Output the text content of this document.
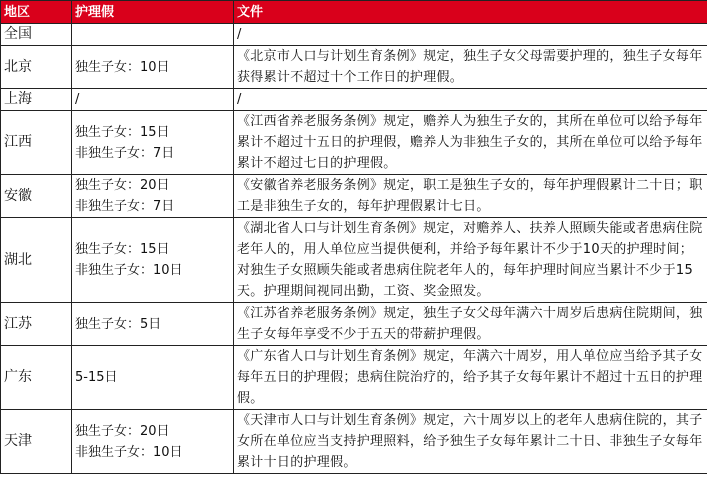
地区	护理假	文件
全国		/
北京	独生子女：10日	《北京市人口与计划生育条例》规定，独生子女父母需要护理的，独生子女每年获得累计不超过十个工作日的护理假。
上海	/	/
江西	独生子女：15日
非独生子女：7日	《江西省养老服务条例》规定，赡养人为独生子女的，其所在单位可以给予每年累计不超过十五日的护理假，赡养人为非独生子女的，其所在单位可以给予每年累计不超过七日的护理假。
安徽	独生子女：20日
非独生子女：7日	《安徽省养老服务条例》规定，职工是独生子女的，每年护理假累计二十日；职工是非独生子女的，每年护理假累计七日。
湖北	独生子女：15日
非独生子女：10日	《湖北省人口与计划生育条例》规定，对赡养人、扶养人照顾失能或者患病住院老年人的，用人单位应当提供便利，并给予每年累计不少于10天的护理时间；对独生子女照顾失能或者患病住院老年人的，每年护理时间应当累计不少于15天。护理期间视同出勤，工资、奖金照发。
江苏	独生子女：5日	《江苏省养老服务条例》规定，独生子女父母年满六十周岁后患病住院期间，独生子女每年享受不少于五天的带薪护理假。
广东	5-15日	《广东省人口与计划生育条例》规定，年满六十周岁，用人单位应当给予其子女每年五日的护理假；患病住院治疗的，给予其子女每年累计不超过十五日的护理假。
天津	独生子女：20日
非独生子女：10日	《天津市人口与计划生育条例》规定，六十周岁以上的老年人患病住院的，其子女所在单位应当支持护理照料，给予独生子女每年累计二十日、非独生子女每年累计十日的护理假。
